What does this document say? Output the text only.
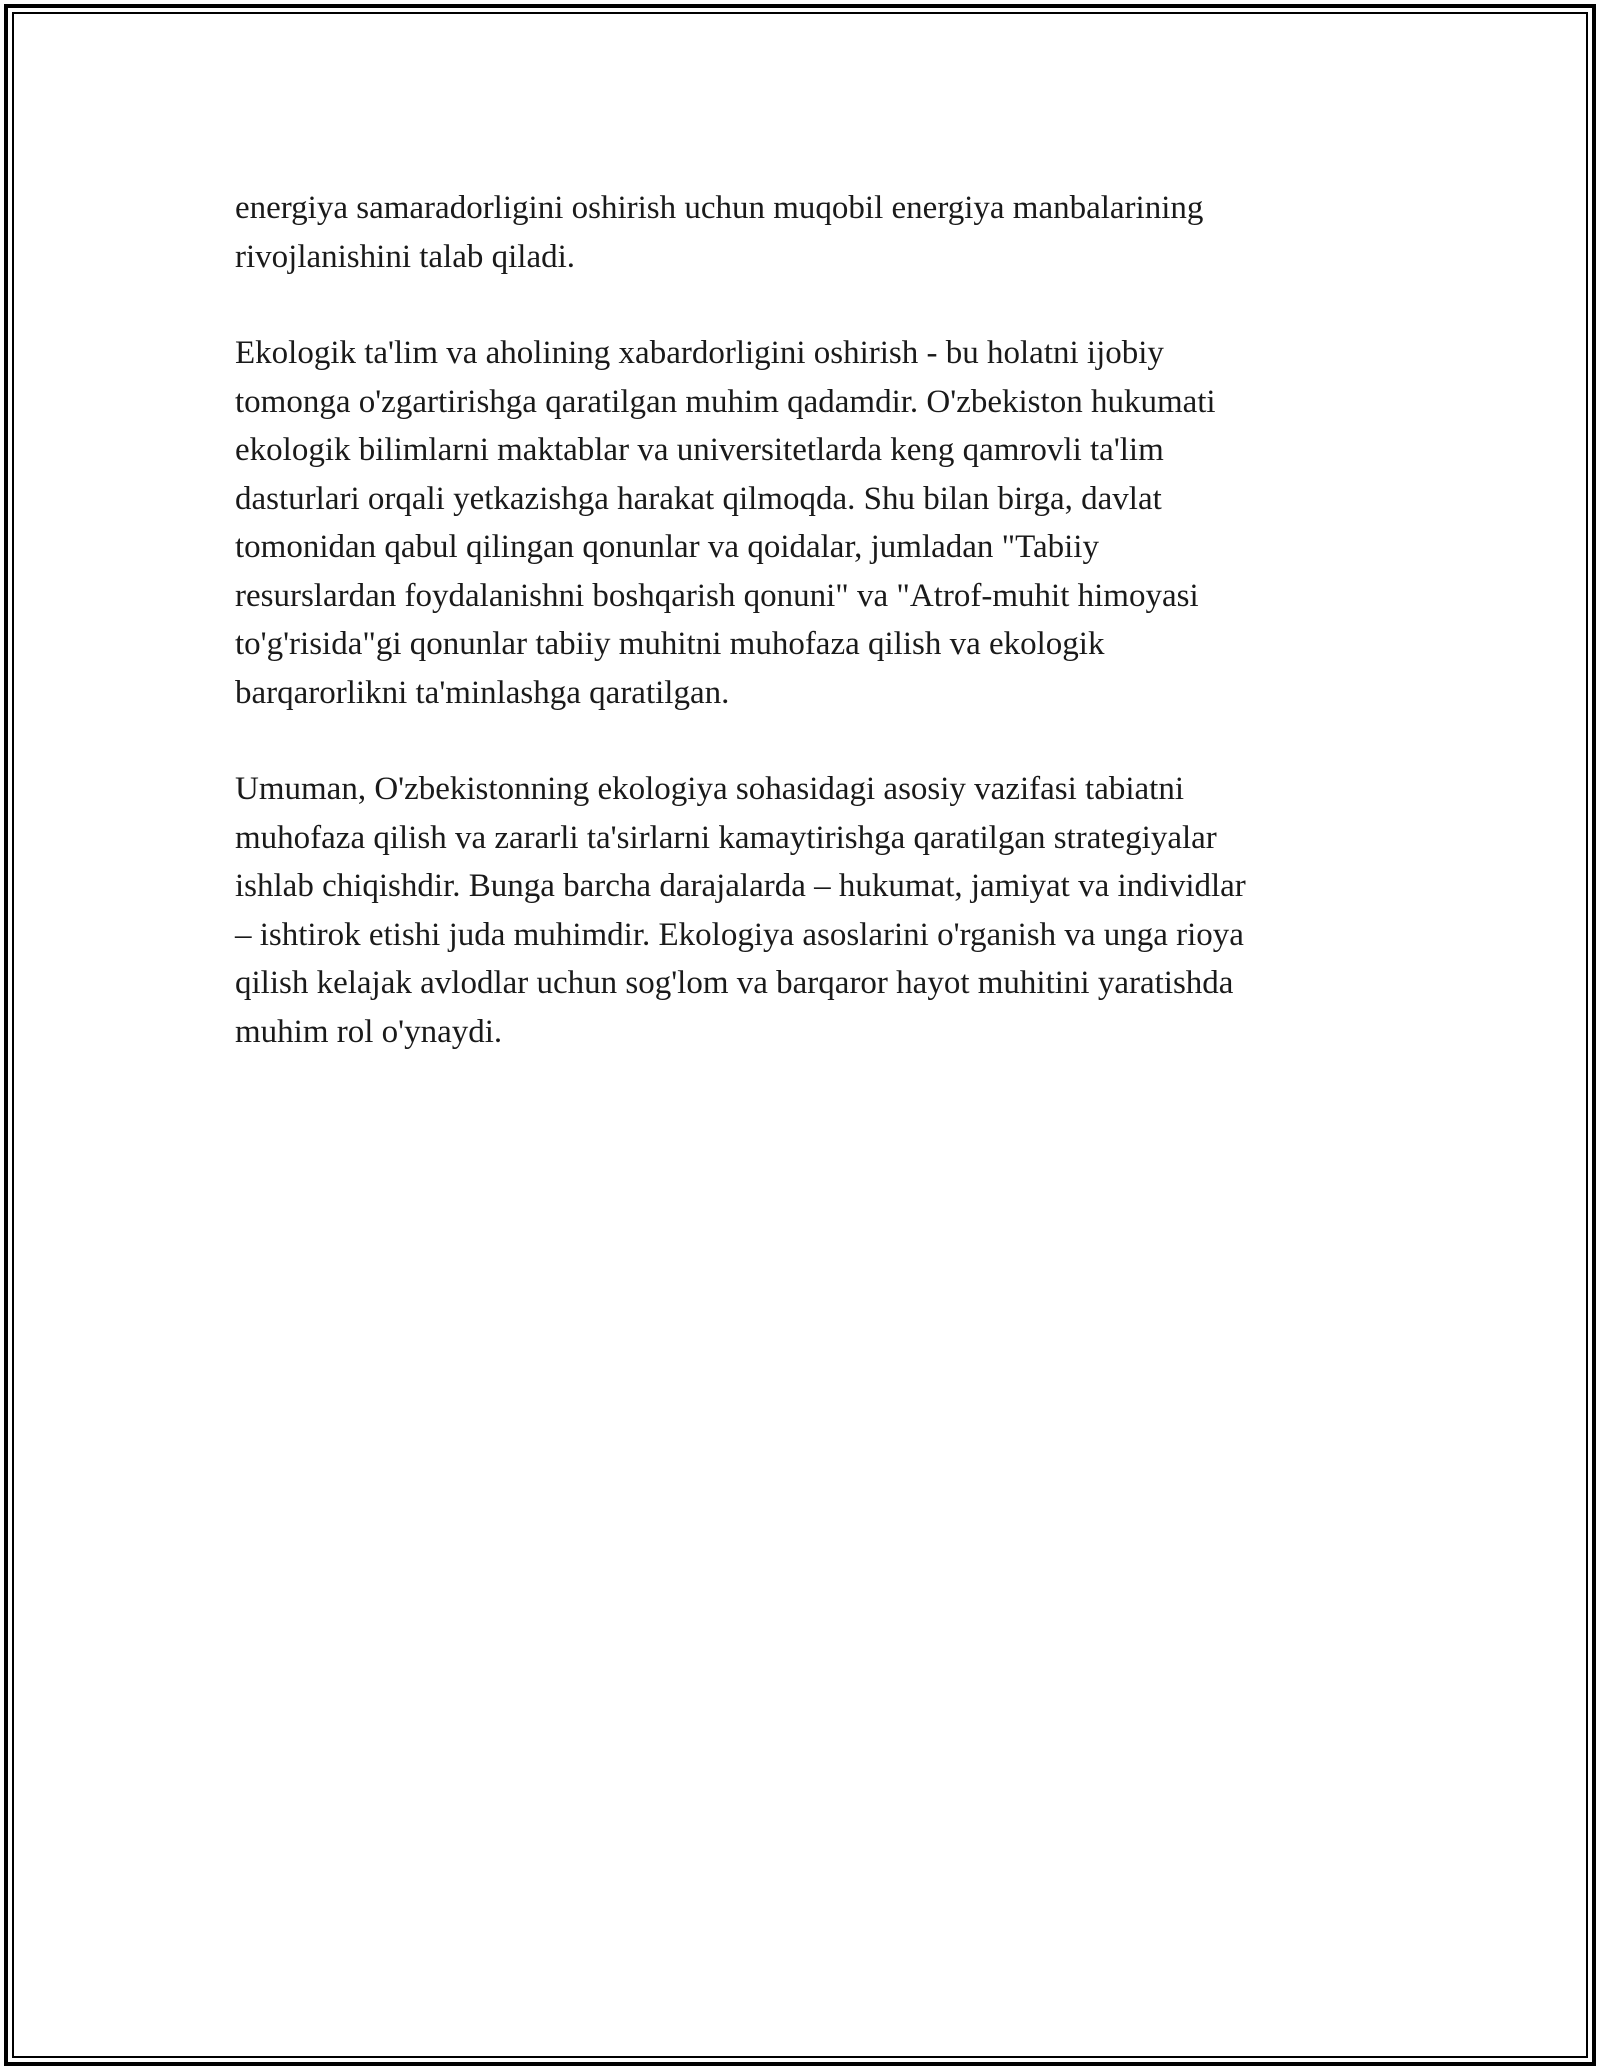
energiya samaradorligini oshirish uchun muqobil energiya manbalarining
rivojlanishini talab qiladi.

Ekologik ta'lim va aholining xabardorligini oshirish - bu holatni ijobiy
tomonga o'zgartirishga qaratilgan muhim qadamdir. O'zbekiston hukumati
ekologik bilimlarni maktablar va universitetlarda keng qamrovli ta'lim
dasturlari orqali yetkazishga harakat qilmoqda. Shu bilan birga, davlat
tomonidan qabul qilingan qonunlar va qoidalar, jumladan "Tabiiy
resurslardan foydalanishni boshqarish qonuni" va "Atrof-muhit himoyasi
to'g'risida"gi qonunlar tabiiy muhitni muhofaza qilish va ekologik
barqarorlikni ta'minlashga qaratilgan.

Umuman, O'zbekistonning ekologiya sohasidagi asosiy vazifasi tabiatni
muhofaza qilish va zararli ta'sirlarni kamaytirishga qaratilgan strategiyalar
ishlab chiqishdir. Bunga barcha darajalarda – hukumat, jamiyat va individlar
– ishtirok etishi juda muhimdir. Ekologiya asoslarini o'rganish va unga rioya
qilish kelajak avlodlar uchun sog'lom va barqaror hayot muhitini yaratishda
muhim rol o'ynaydi.
